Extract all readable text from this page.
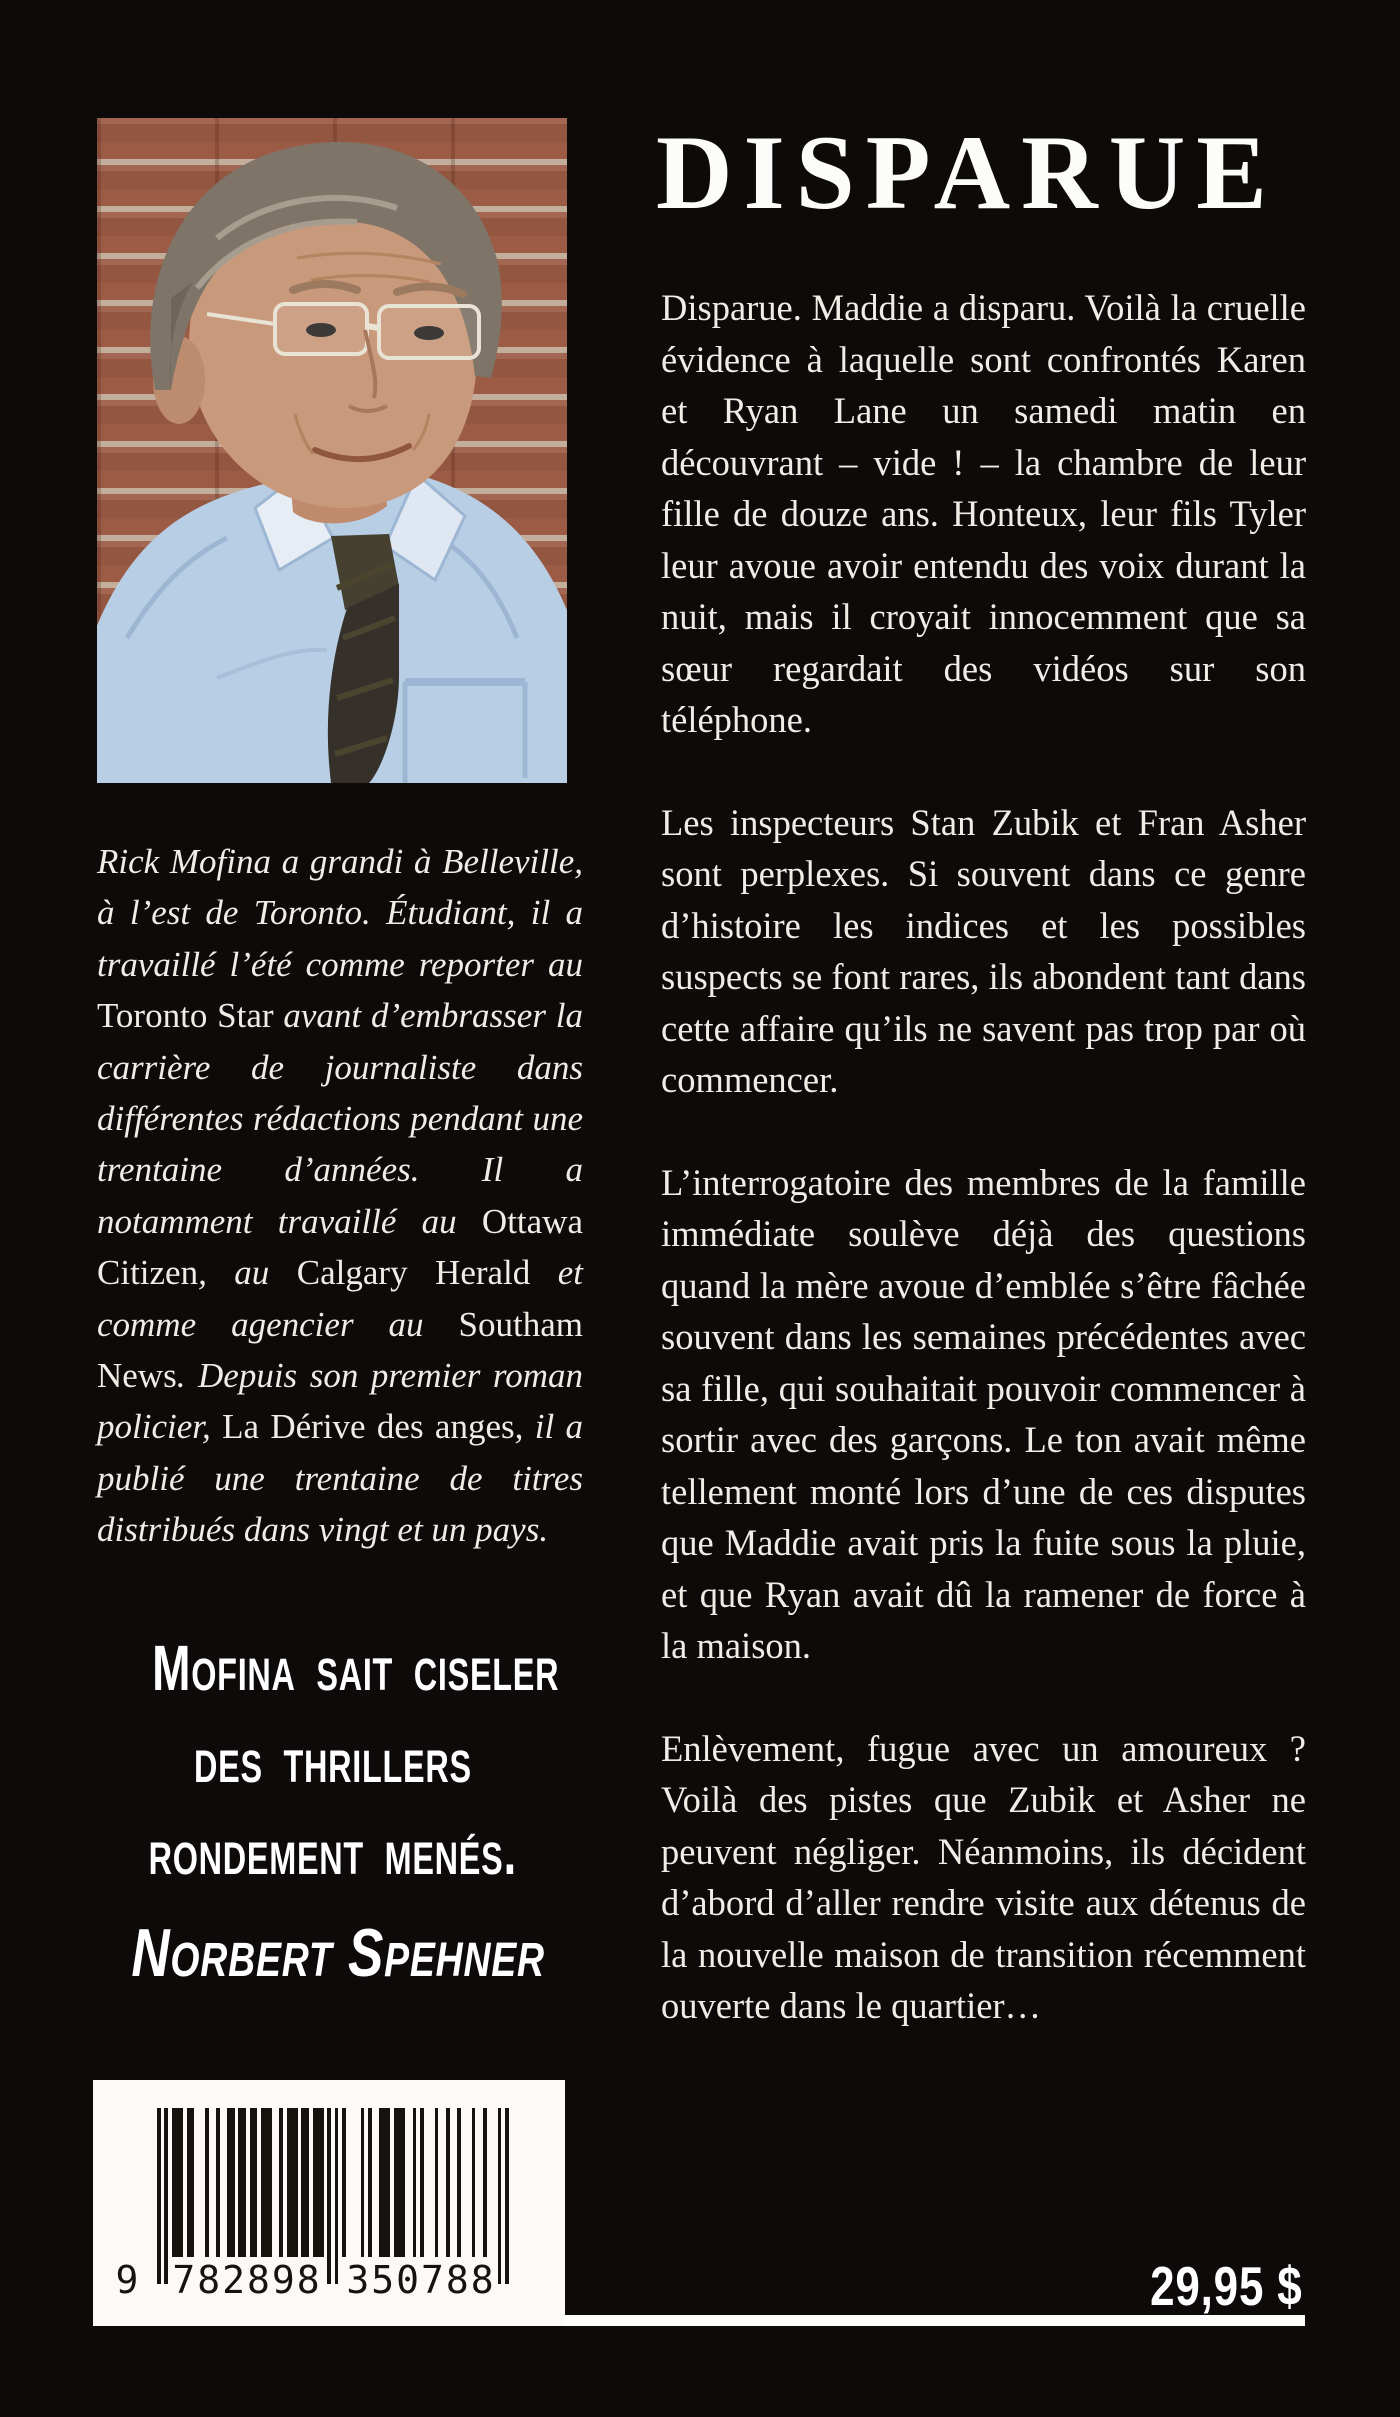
DISPARUE

Disparue. Maddie a disparu. Voilà la cruelle évidence à laquelle sont confrontés Karen et Ryan Lane un samedi matin en découvrant – vide ! – la chambre de leur fille de douze ans. Honteux, leur fils Tyler leur avoue avoir entendu des voix durant la nuit, mais il croyait innocemment que sa sœur regardait des vidéos sur son téléphone.

Les inspecteurs Stan Zubik et Fran Asher sont perplexes. Si souvent dans ce genre d’histoire les indices et les possibles suspects se font rares, ils abondent tant dans cette affaire qu’ils ne savent pas trop par où commencer.

L’interrogatoire des membres de la famille immédiate soulève déjà des questions quand la mère avoue d’emblée s’être fâchée souvent dans les semaines précédentes avec sa fille, qui souhaitait pouvoir commencer à sortir avec des garçons. Le ton avait même tellement monté lors d’une de ces disputes que Maddie avait pris la fuite sous la pluie, et que Ryan avait dû la ramener de force à la maison.

Enlèvement, fugue avec un amoureux ? Voilà des pistes que Zubik et Asher ne peuvent négliger. Néanmoins, ils décident d’abord d’aller rendre visite aux détenus de la nouvelle maison de transition récemment ouverte dans le quartier…

Rick Mofina a grandi à Belleville, à l’est de Toronto. Étudiant, il a travaillé l’été comme reporter au Toronto Star avant d’embrasser la carrière de journaliste dans différentes rédactions pendant une trentaine d’années. Il a notamment travaillé au Ottawa Citizen, au Calgary Herald et comme agencier au Southam News. Depuis son premier roman policier, La Dérive des anges, il a publié une trentaine de titres distribués dans vingt et un pays.
Mofina sait ciseler
des thrillers
rondement menés.
Norbert Spehner
9 782898 350788	29,95 $
